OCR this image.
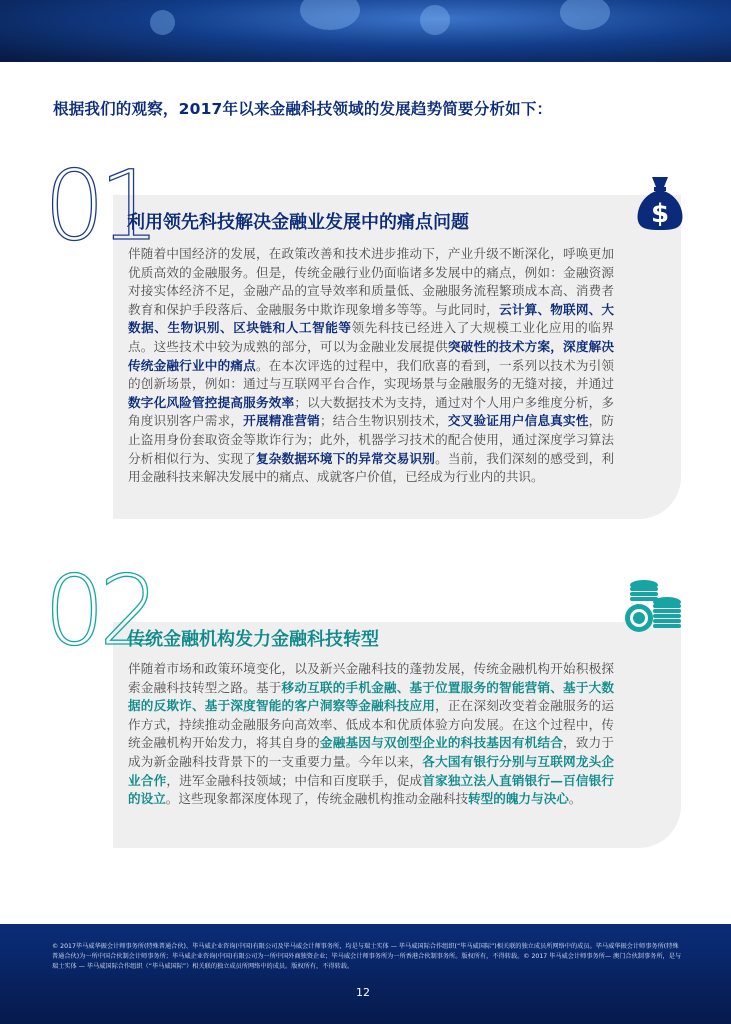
根据我们的观察，2017年以来金融科技领域的发展趋势简要分析如下：
01
利用领先科技解决金融业发展中的痛点问题
伴随着中国经济的发展，在政策改善和技术进步推动下，产业升级不断深化，呼唤更加优质高效的金融服务。但是，传统金融行业仍面临诸多发展中的痛点，例如：金融资源对接实体经济不足，金融产品的宣导效率和质量低、金融服务流程繁琐成本高、消费者教育和保护手段落后、金融服务中欺诈现象增多等等。与此同时，云计算、物联网、大数据、生物识别、区块链和人工智能等领先科技已经进入了大规模工业化应用的临界点。这些技术中较为成熟的部分，可以为金融业发展提供突破性的技术方案，深度解决传统金融行业中的痛点。在本次评选的过程中，我们欣喜的看到，一系列以技术为引领的创新场景，例如：通过与互联网平台合作，实现场景与金融服务的无缝对接，并通过数字化风险管控提高服务效率；以大数据技术为支持，通过对个人用户多维度分析，多角度识别客户需求，开展精准营销；结合生物识别技术，交叉验证用户信息真实性，防止盗用身份套取资金等欺诈行为；此外，机器学习技术的配合使用，通过深度学习算法分析相似行为、实现了复杂数据环境下的异常交易识别。当前，我们深刻的感受到，利用金融科技来解决发展中的痛点、成就客户价值，已经成为行业内的共识。
$
02
传统金融机构发力金融科技转型
伴随着市场和政策环境变化，以及新兴金融科技的蓬勃发展，传统金融机构开始积极探索金融科技转型之路。基于移动互联的手机金融、基于位置服务的智能营销、基于大数据的反欺诈、基于深度智能的客户洞察等金融科技应用，正在深刻改变着金融服务的运作方式，持续推动金融服务向高效率、低成本和优质体验方向发展。在这个过程中，传统金融机构开始发力，将其自身的金融基因与双创型企业的科技基因有机结合，致力于成为新金融科技背景下的一支重要力量。今年以来，各大国有银行分别与互联网龙头企业合作，进军金融科技领域；中信和百度联手，促成首家独立法人直销银行—百信银行的设立。这些现象都深度体现了，传统金融机构推动金融科技转型的魄力与决心。
© 2017毕马威华振会计师事务所(特殊普通合伙)、毕马威企业咨询(中国)有限公司及毕马威会计师事务所，均是与瑞士实体 — 毕马威国际合作组织(“毕马威国际”)相关联的独立成员所网络中的成员。毕马威华振会计师事务所(特殊普通合伙)为一所中国合伙制会计师事务所；毕马威企业咨询(中国)有限公司为一所中国外商独资企业；毕马威会计师事务所为一所香港合伙制事务所。版权所有，不得转载。© 2017 毕马威会计师事务所— 澳门合伙制事务所，是与瑞士实体 — 毕马威国际合作组织（“毕马威国际”）相关联的独立成员所网络中的成员。版权所有，不得转载。
12
